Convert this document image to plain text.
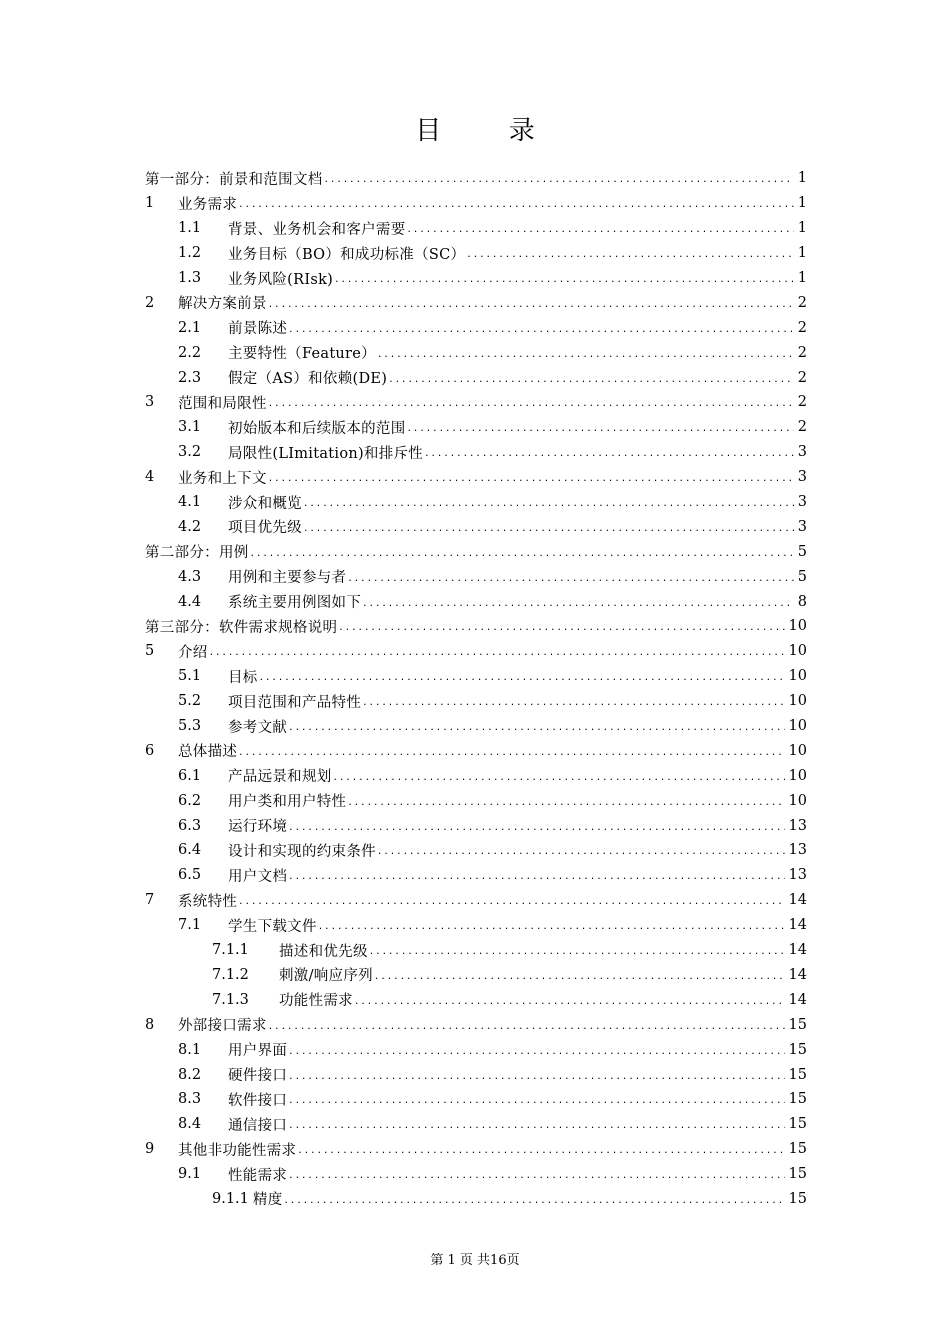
目　录
第一部分：前景和范围文档 .....	1
1	业务需求 .....	1
1.1	背景、业务机会和客户需要 .....	1
1.2	业务目标（BO）和成功标准（SC） .....	1
1.3	业务风险(RIsk) .....	1
2	解决方案前景 .....	2
2.1	前景陈述 .....	2
2.2	主要特性（Feature） .....	2
2.3	假定（AS）和依赖(DE) .....	2
3	范围和局限性 .....	2
3.1	初始版本和后续版本的范围 .....	2
3.2	局限性(LImitation)和排斥性 .....	3
4	业务和上下文 .....	3
4.1	涉众和概览 .....	3
4.2	项目优先级 .....	3
第二部分：用例 .....	5
4.3	用例和主要参与者 .....	5
4.4	系统主要用例图如下 .....	8
第三部分：软件需求规格说明 .....	10
5	介绍 .....	10
5.1	目标 .....	10
5.2	项目范围和产品特性 .....	10
5.3	参考文献 .....	10
6	总体描述 .....	10
6.1	产品远景和规划 .....	10
6.2	用户类和用户特性 .....	10
6.3	运行环境 .....	13
6.4	设计和实现的约束条件 .....	13
6.5	用户文档 .....	13
7	系统特性 .....	14
7.1	学生下载文件 .....	14
7.1.1	描述和优先级 .....	14
7.1.2	刺激/响应序列 .....	14
7.1.3	功能性需求 .....	14
8	外部接口需求 .....	15
8.1	用户界面 .....	15
8.2	硬件接口 .....	15
8.3	软件接口 .....	15
8.4	通信接口 .....	15
9	其他非功能性需求 .....	15
9.1	性能需求 .....	15
9.1.1 精度 .....	15
第 1 页 共16页
